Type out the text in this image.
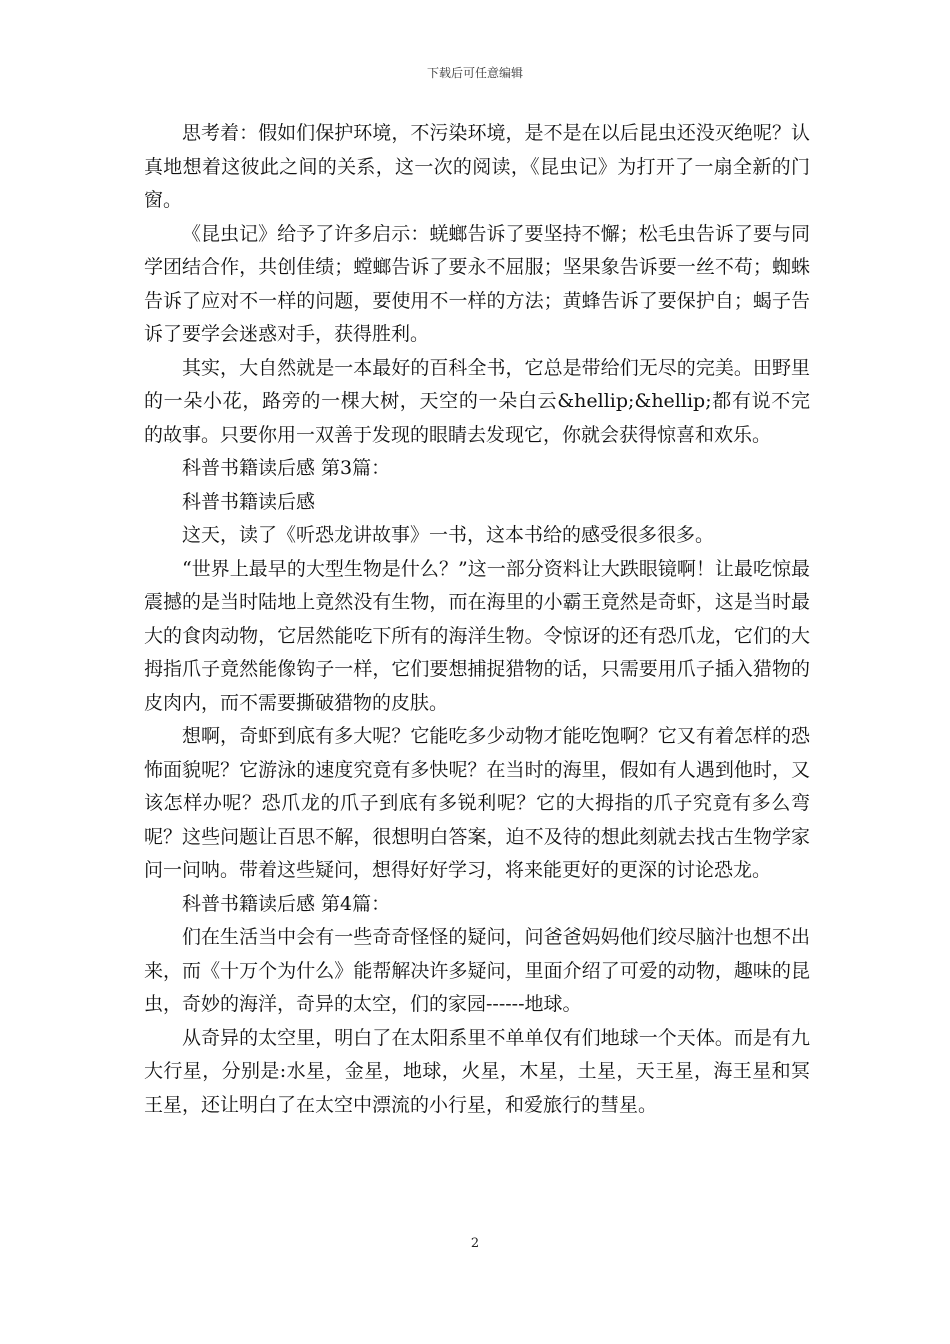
下载后可任意编辑

思考着：假如们保护环境，不污染环境，是不是在以后昆虫还没灭绝呢？认真地想着这彼此之间的关系，这一次的阅读，《昆虫记》为打开了一扇全新的门窗。

《昆虫记》给予了许多启示：蜣螂告诉了要坚持不懈；松毛虫告诉了要与同学团结合作，共创佳绩；螳螂告诉了要永不屈服；坚果象告诉要一丝不苟；蜘蛛告诉了应对不一样的问题，要使用不一样的方法；黄蜂告诉了要保护自；蝎子告诉了要学会迷惑对手，获得胜利。

其实，大自然就是一本最好的百科全书，它总是带给们无尽的完美。田野里的一朵小花，路旁的一棵大树，天空的一朵白云&hellip;&hellip;都有说不完的故事。只要你用一双善于发现的眼睛去发现它，你就会获得惊喜和欢乐。

科普书籍读后感 第3篇：

科普书籍读后感

这天，读了《听恐龙讲故事》一书，这本书给的感受很多很多。

“世界上最早的大型生物是什么？”这一部分资料让大跌眼镜啊！让最吃惊最震撼的是当时陆地上竟然没有生物，而在海里的小霸王竟然是奇虾，这是当时最大的食肉动物，它居然能吃下所有的海洋生物。令惊讶的还有恐爪龙，它们的大拇指爪子竟然能像钩子一样，它们要想捕捉猎物的话，只需要用爪子插入猎物的皮肉内，而不需要撕破猎物的皮肤。

想啊，奇虾到底有多大呢？它能吃多少动物才能吃饱啊？它又有着怎样的恐怖面貌呢？它游泳的速度究竟有多快呢？在当时的海里，假如有人遇到他时，又该怎样办呢？恐爪龙的爪子到底有多锐利呢？它的大拇指的爪子究竟有多么弯呢？这些问题让百思不解，很想明白答案，迫不及待的想此刻就去找古生物学家问一问呐。带着这些疑问，想得好好学习，将来能更好的更深的讨论恐龙。

科普书籍读后感 第4篇：

们在生活当中会有一些奇奇怪怪的疑问，问爸爸妈妈他们绞尽脑汁也想不出来，而《十万个为什么》能帮解决许多疑问，里面介绍了可爱的动物，趣味的昆虫，奇妙的海洋，奇异的太空，们的家园------地球。

从奇异的太空里，明白了在太阳系里不单单仅有们地球一个天体。而是有九大行星，分别是:水星，金星，地球，火星，木星，土星，天王星，海王星和冥王星，还让明白了在太空中漂流的小行星，和爱旅行的彗星。

2
